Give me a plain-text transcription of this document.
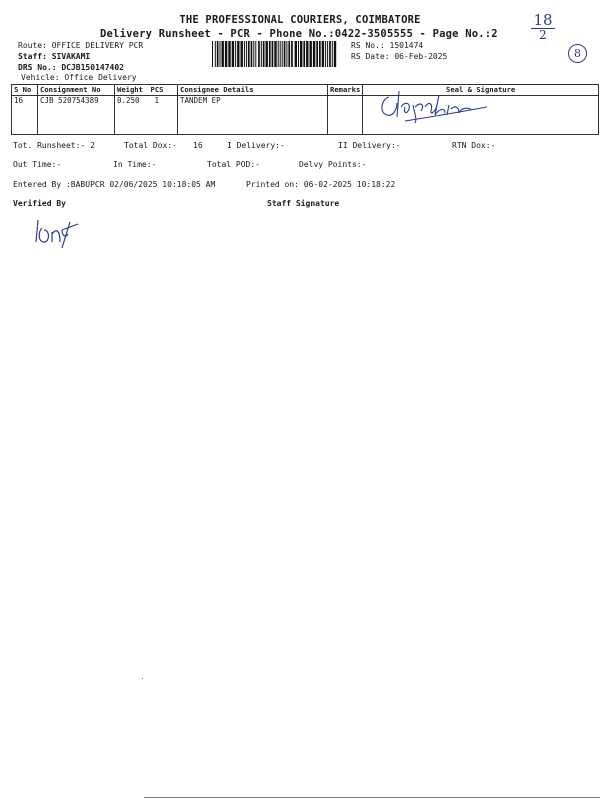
THE PROFESSIONAL COURIERS, COIMBATORE
Delivery Runsheet - PCR - Phone No.:0422-3505555 - Page No.:2
18
2
8
Route: OFFICE DELIVERY PCR
Staff: SIVAKAMI
DRS No.: DCJB150147402
Vehicle: Office Delivery
RS No.: 1501474
RS Date: 06-Feb-2025
S No	Consignment No	Weight	PCS	Consignee Details	Remarks	Seal & Signature
16	CJB 520754389	0.250	1	TANDEM EP		
Tot. Runsheet:- 2	Total Dox:- 16	I Delivery:-	II Delivery:-	RTN Dox:-
Out Time:-	In Time:-	Total POD:-	Delvy Points:-
Entered By :BABUPCR 02/06/2025 10:18:05 AM	Printed on: 06-02-2025 10:18:22
Verified By	Staff Signature
